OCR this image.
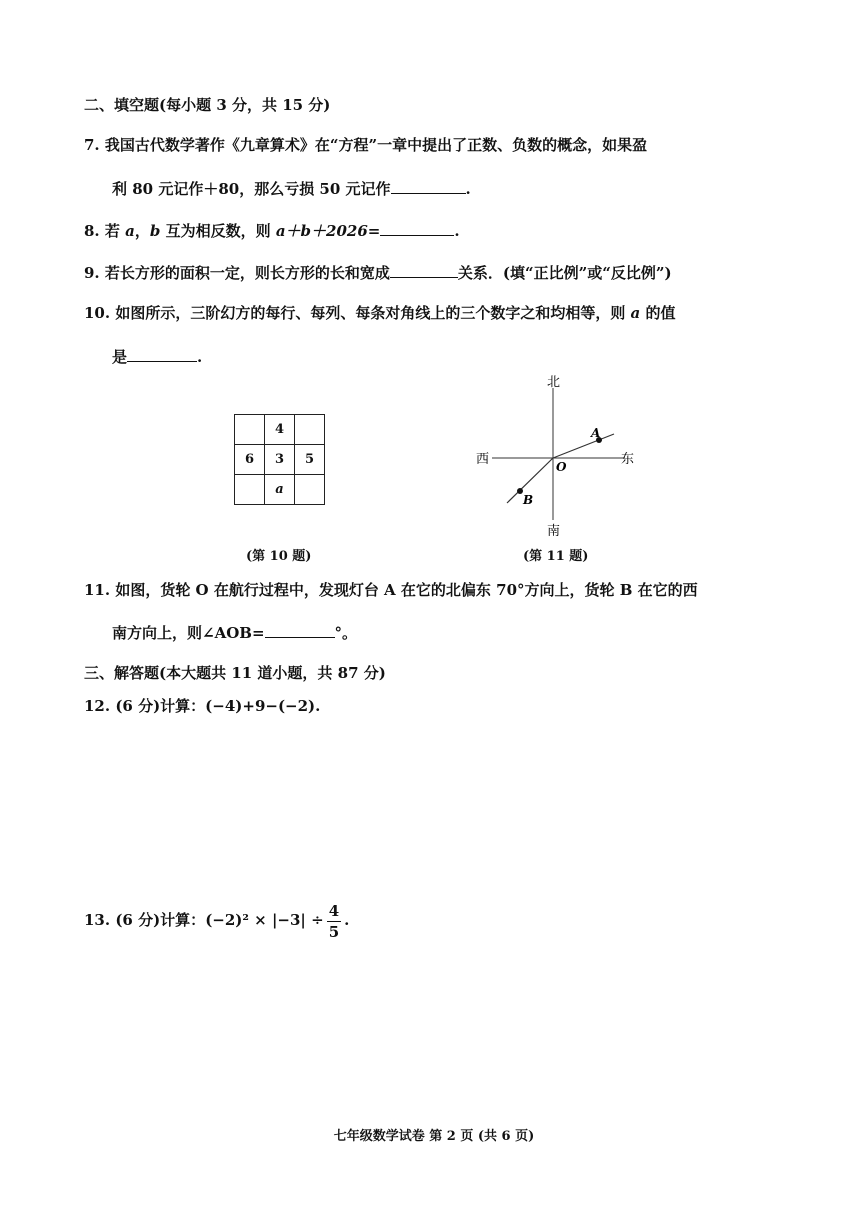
二、填空题(每小题 3 分，共 15 分)
7. 我国古代数学著作《九章算术》在“方程”一章中提出了正数、负数的概念，如果盈
利 80 元记作＋80，那么亏损 50 元记作	.
8. 若 a，b 互为相反数，则 a＋b＋2026=	.
9. 若长方形的面积一定，则长方形的长和宽成	关系．(填“正比例”或“反比例”)
10. 如图所示，三阶幻方的每行、每列、每条对角线上的三个数字之和均相等，则 a 的值
是	.
	4	
6	3	5
	a	
(第 10 题)
北
南
西	东
O
A
B
(第 11 题)
11. 如图，货轮 O 在航行过程中，发现灯台 A 在它的北偏东 70°方向上，货轮 B 在它的西
南方向上，则∠AOB=	°。
三、解答题(本大题共 11 道小题，共 87 分)
12. (6 分)计算：(−4)+9−(−2).
13. (6 分)计算：$(-2)^2 \times |-3| \div \frac{4}{5}$ .
七年级数学试卷 第 2 页 (共 6 页)
